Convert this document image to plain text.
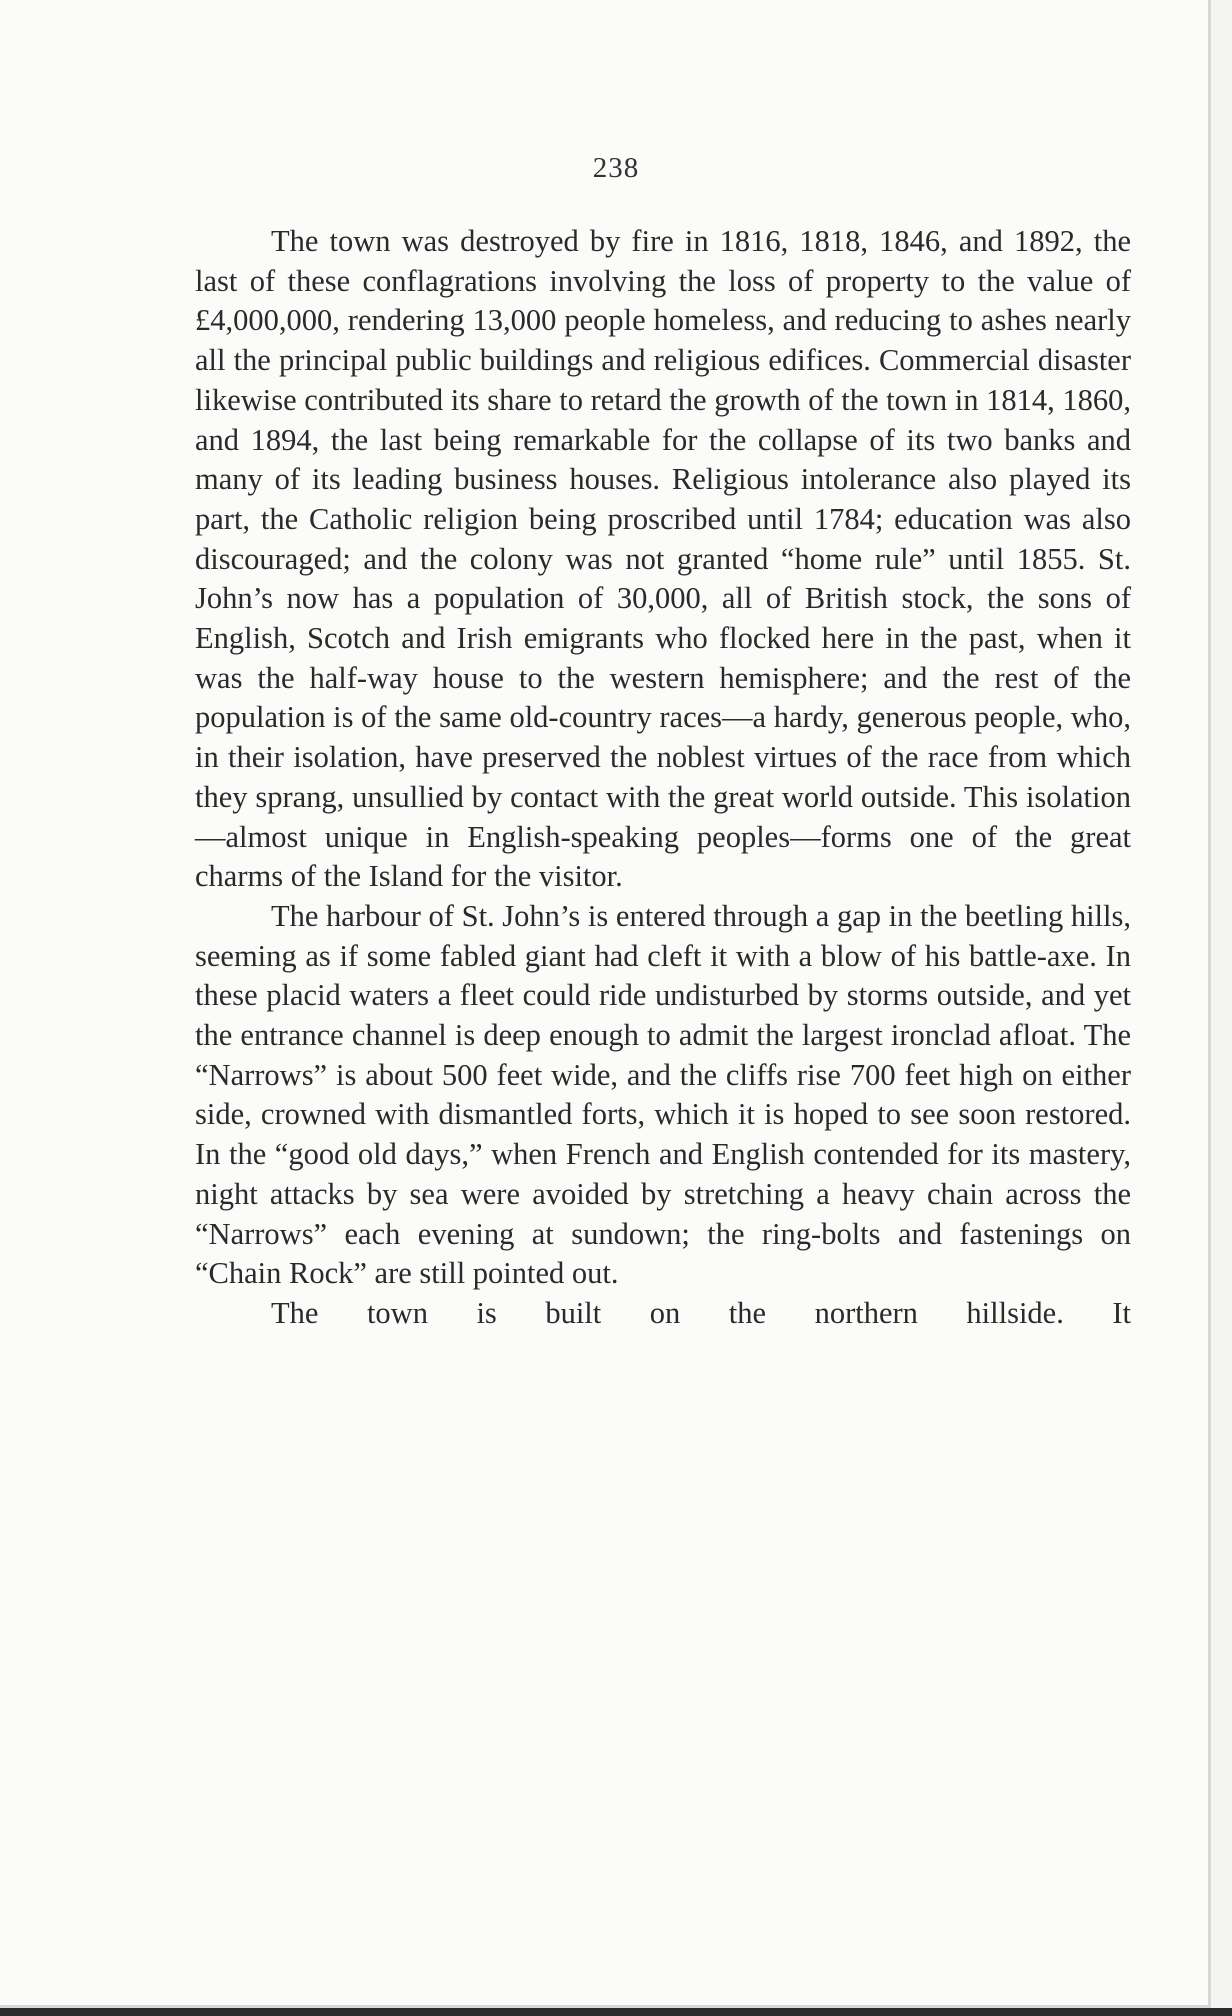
238

The town was destroyed by fire in 1816, 1818, 1846, and 1892, the last of these conflagrations involving the loss of property to the value of £4,000,000, rendering 13,000 people homeless, and reducing to ashes nearly all the principal public buildings and religious edifices. Commercial disaster likewise contributed its share to retard the growth of the town in 1814, 1860, and 1894, the last being remarkable for the collapse of its two banks and many of its leading business houses. Religious intolerance also played its part, the Catholic religion being proscribed until 1784; education was also discouraged; and the colony was not granted “home rule” until 1855. St. John’s now has a population of 30,000, all of British stock, the sons of English, Scotch and Irish emigrants who flocked here in the past, when it was the half-way house to the western hemisphere; and the rest of the population is of the same old-country races—a hardy, generous people, who, in their isolation, have preserved the noblest virtues of the race from which they sprang, unsullied by contact with the great world outside. This isolation—almost unique in English-speaking peoples—forms one of the great charms of the Island for the visitor.

The harbour of St. John’s is entered through a gap in the beetling hills, seeming as if some fabled giant had cleft it with a blow of his battle-axe. In these placid waters a fleet could ride undisturbed by storms outside, and yet the entrance channel is deep enough to admit the largest ironclad afloat. The “Narrows” is about 500 feet wide, and the cliffs rise 700 feet high on either side, crowned with dismantled forts, which it is hoped to see soon restored. In the “good old days,” when French and English contended for its mastery, night attacks by sea were avoided by stretching a heavy chain across the “Narrows” each evening at sundown; the ring-bolts and fastenings on “Chain Rock” are still pointed out.

The town is built on the northern hillside. It
